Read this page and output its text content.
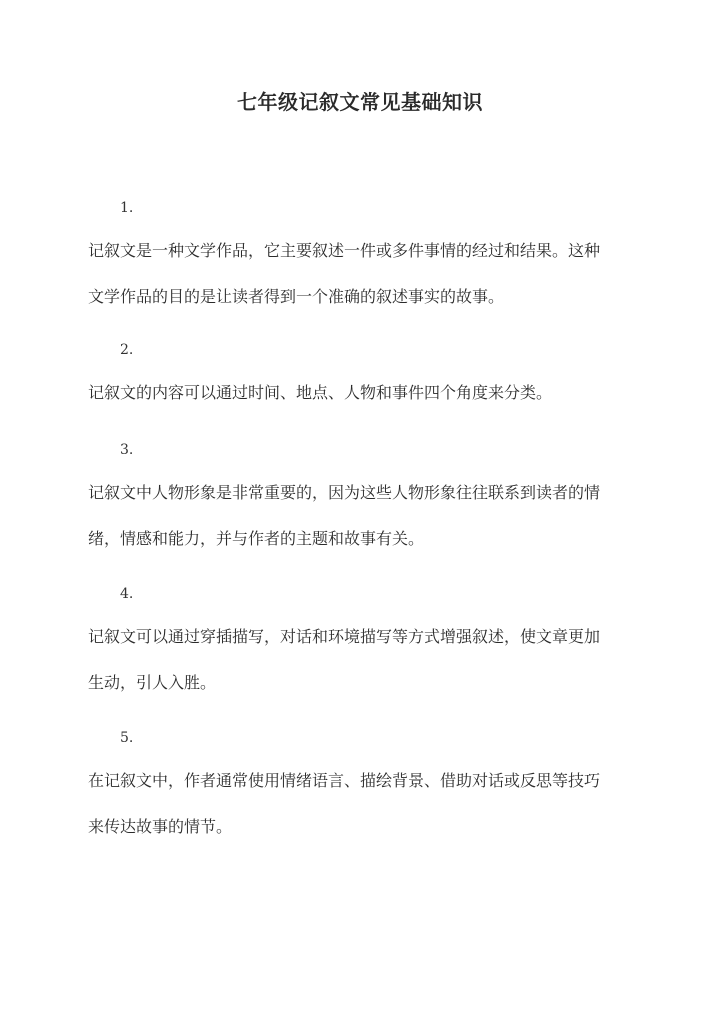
七年级记叙文常见基础知识
1.
记叙文是一种文学作品，它主要叙述一件或多件事情的经过和结果。这种
文学作品的目的是让读者得到一个准确的叙述事实的故事。
2.
记叙文的内容可以通过时间、地点、人物和事件四个角度来分类。
3.
记叙文中人物形象是非常重要的，因为这些人物形象往往联系到读者的情
绪，情感和能力，并与作者的主题和故事有关。
4.
记叙文可以通过穿插描写，对话和环境描写等方式增强叙述，使文章更加
生动，引人入胜。
5.
在记叙文中，作者通常使用情绪语言、描绘背景、借助对话或反思等技巧
来传达故事的情节。
